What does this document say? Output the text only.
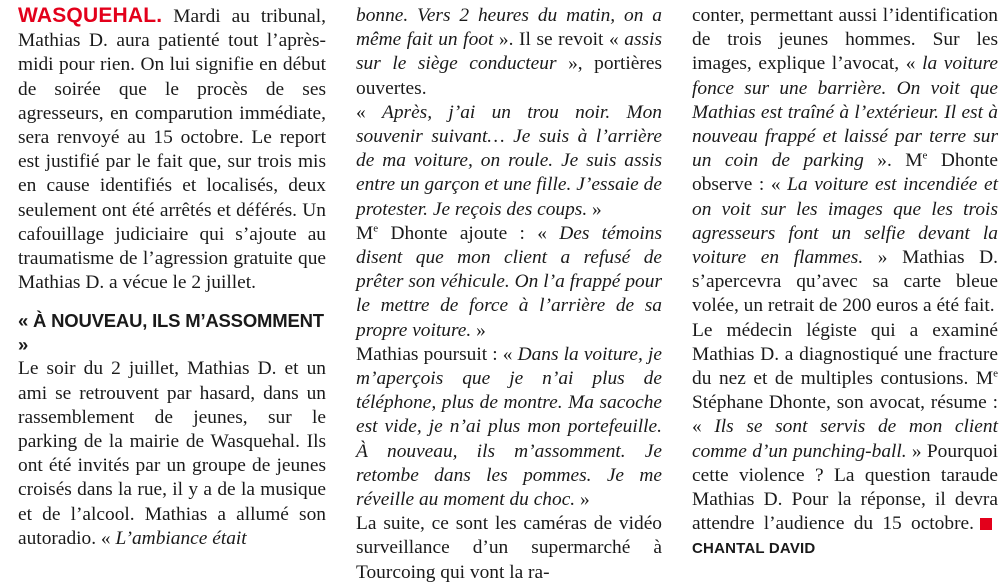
WASQUEHAL. Mardi au tribunal, Mathias D. aura patienté tout l’après-midi pour rien. On lui signifie en début de soirée que le procès de ses agresseurs, en comparution immédiate, sera renvoyé au 15 octobre. Le report est justifié par le fait que, sur trois mis en cause identifiés et localisés, deux seulement ont été arrêtés et déférés. Un cafouillage judiciaire qui s’ajoute au traumatisme de l’agression gratuite que Mathias D. a vécue le 2 juillet.

« À NOUVEAU, ILS M’ASSOMMENT »

Le soir du 2 juillet, Mathias D. et un ami se retrouvent par hasard, dans un rassemblement de jeunes, sur le parking de la mairie de Wasquehal. Ils ont été invités par un groupe de jeunes croisés dans la rue, il y a de la musique et de l’alcool. Mathias a allumé son autoradio. « L’ambiance était

bonne. Vers 2 heures du matin, on a même fait un foot ». Il se revoit « assis sur le siège conducteur », portières ouvertes.

« Après, j’ai un trou noir. Mon souvenir suivant… Je suis à l’arrière de ma voiture, on roule. Je suis assis entre un garçon et une fille. J’essaie de protester. Je reçois des coups. »

Me Dhonte ajoute : « Des témoins disent que mon client a refusé de prêter son véhicule. On l’a frappé pour le mettre de force à l’arrière de sa propre voiture. »

Mathias poursuit : « Dans la voiture, je m’aperçois que je n’ai plus de téléphone, plus de montre. Ma sacoche est vide, je n’ai plus mon portefeuille. À nouveau, ils m’assomment. Je retombe dans les pommes. Je me réveille au moment du choc. »

La suite, ce sont les caméras de vidéo surveillance d’un supermarché à Tourcoing qui vont la ra-

conter, permettant aussi l’identification de trois jeunes hommes. Sur les images, explique l’avocat, « la voiture fonce sur une barrière. On voit que Mathias est traîné à l’extérieur. Il est à nouveau frappé et laissé par terre sur un coin de parking ». Me Dhonte observe : « La voiture est incendiée et on voit sur les images que les trois agresseurs font un selfie devant la voiture en flammes. » Mathias D. s’apercevra qu’avec sa carte bleue volée, un retrait de 200 euros a été fait.

Le médecin légiste qui a examiné Mathias D. a diagnostiqué une fracture du nez et de multiples contusions. Me Stéphane Dhonte, son avocat, résume : « Ils se sont servis de mon client comme d’un punching-ball. » Pourquoi cette violence ? La question taraude Mathias D. Pour la réponse, il devra attendre l’audience du 15 octobre.CHANTAL DAVID
